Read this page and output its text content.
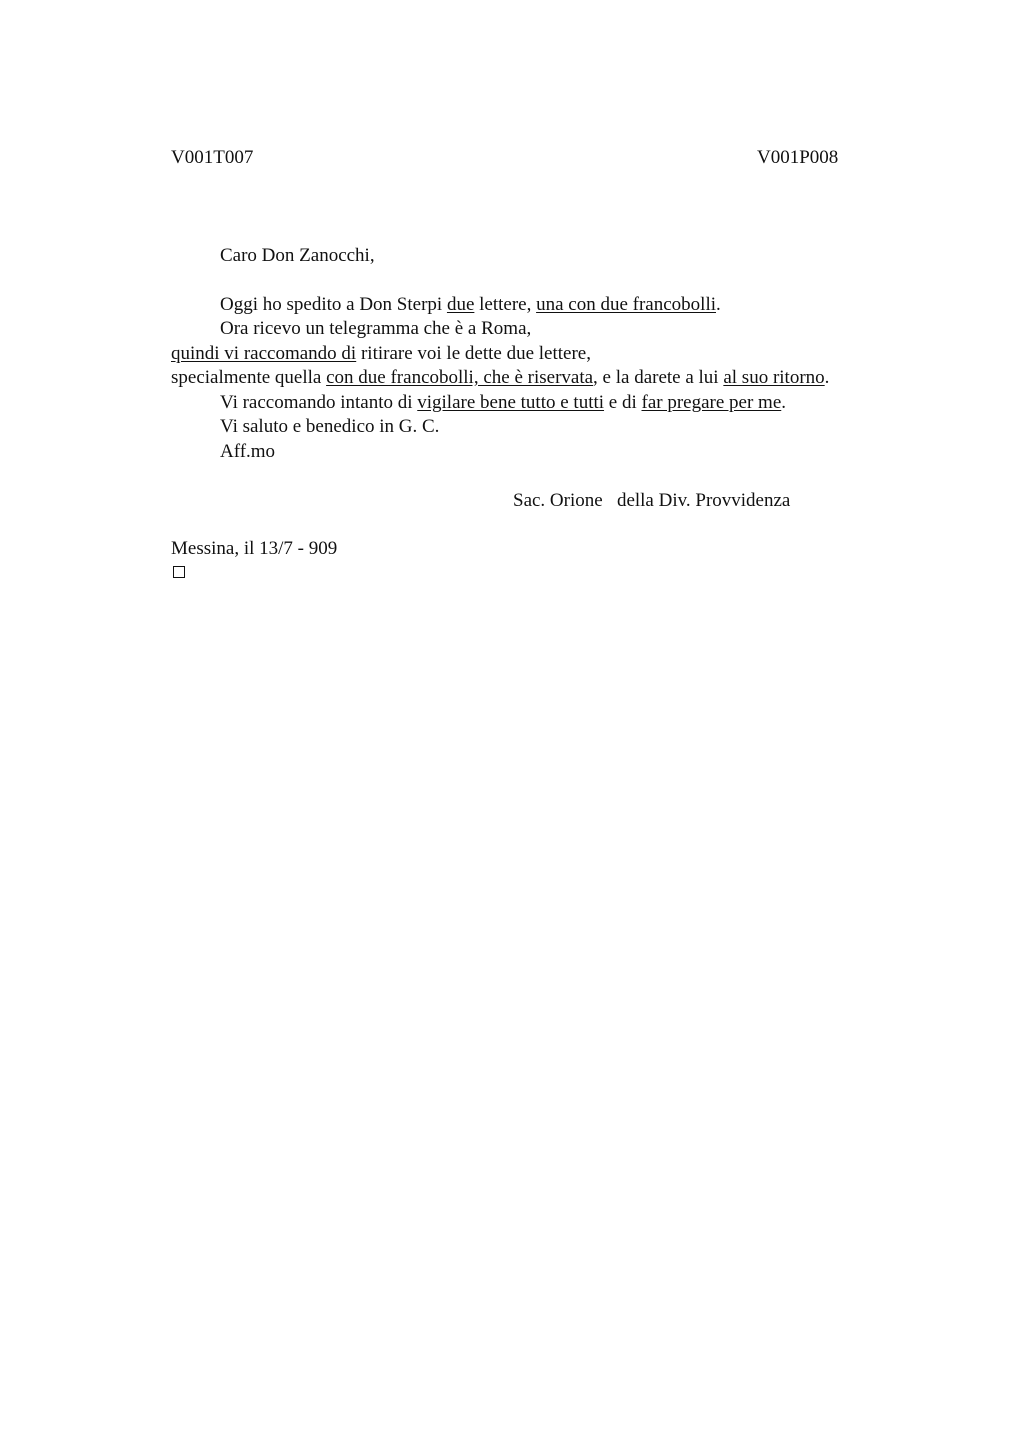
V001T007	V001P008
Caro Don Zanocchi,
Oggi ho spedito a Don Sterpi due lettere, una con due francobolli.
Ora ricevo un telegramma che è a Roma,
quindi vi raccomando di ritirare voi le dette due lettere,
specialmente quella con due francobolli, che è riservata, e la darete a lui al suo ritorno.
Vi raccomando intanto di vigilare bene tutto e tutti e di far pregare per me.
Vi saluto e benedico in G. C.
Aff.mo
Sac. Orione   della Div. Provvidenza
Messina, il 13/7 - 909
